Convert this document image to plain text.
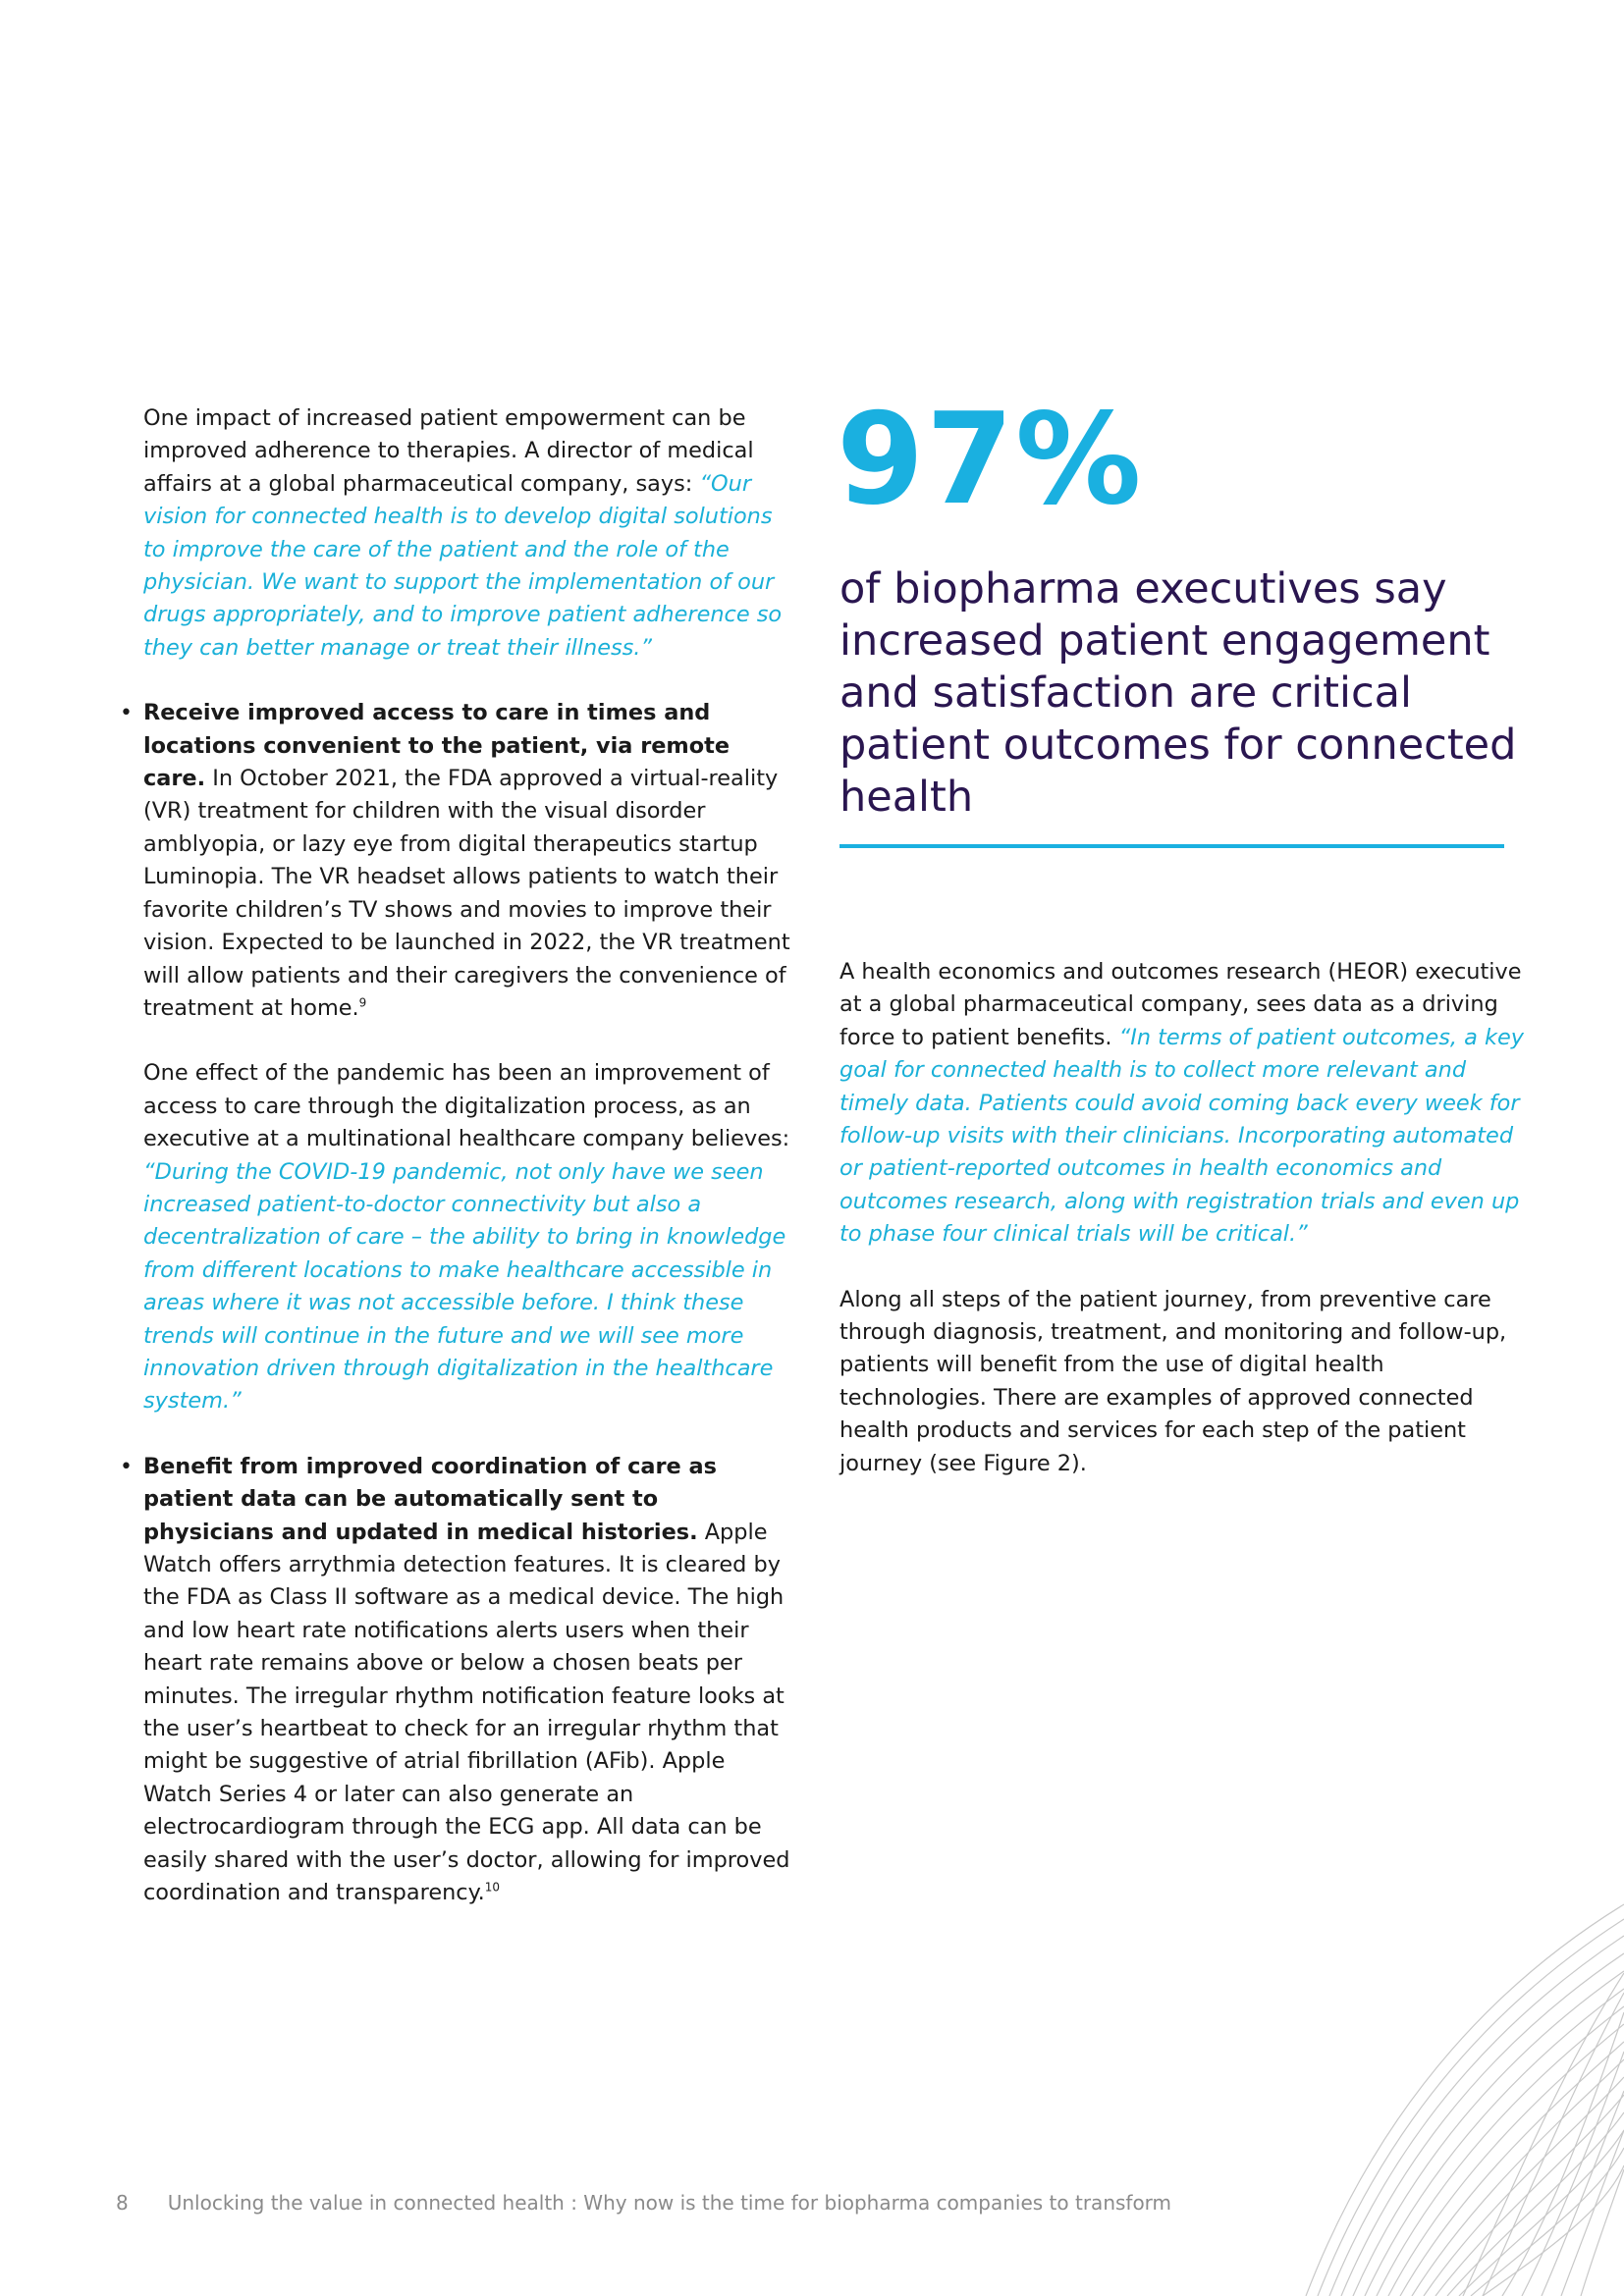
One impact of increased patient empowerment can be improved adherence to therapies. A director of medical affairs at a global pharmaceutical company, says: “Our vision for connected health is to develop digital solutions to improve the care of the patient and the role of the physician. We want to support the implementation of our drugs appropriately, and to improve patient adherence so they can better manage or treat their illness.”

• Receive improved access to care in times and locations convenient to the patient, via remote care. In October 2021, the FDA approved a virtual-reality (VR) treatment for children with the visual disorder amblyopia, or lazy eye from digital therapeutics startup Luminopia. The VR headset allows patients to watch their favorite children’s TV shows and movies to improve their vision. Expected to be launched in 2022, the VR treatment will allow patients and their caregivers the convenience of treatment at home.$^9$

One effect of the pandemic has been an improvement of access to care through the digitalization process, as an executive at a multinational healthcare company believes: “During the COVID-19 pandemic, not only have we seen increased patient-to-doctor connectivity but also a decentralization of care – the ability to bring in knowledge from different locations to make healthcare accessible in areas where it was not accessible before. I think these trends will continue in the future and we will see more innovation driven through digitalization in the healthcare system.”

• Benefit from improved coordination of care as patient data can be automatically sent to physicians and updated in medical histories. Apple Watch offers arrythmia detection features. It is cleared by the FDA as Class II software as a medical device. The high and low heart rate notifications alerts users when their heart rate remains above or below a chosen beats per minutes. The irregular rhythm notification feature looks at the user’s heartbeat to check for an irregular rhythm that might be suggestive of atrial fibrillation (AFib). Apple Watch Series 4 or later can also generate an electrocardiogram through the ECG app. All data can be easily shared with the user’s doctor, allowing for improved coordination and transparency.$^{10}$
97%
of biopharma executives say increased patient engagement and satisfaction are critical patient outcomes for connected health

A health economics and outcomes research (HEOR) executive at a global pharmaceutical company, sees data as a driving force to patient benefits. “In terms of patient outcomes, a key goal for connected health is to collect more relevant and timely data. Patients could avoid coming back every week for follow-up visits with their clinicians. Incorporating automated or patient-reported outcomes in health economics and outcomes research, along with registration trials and even up to phase four clinical trials will be critical.”

Along all steps of the patient journey, from preventive care through diagnosis, treatment, and monitoring and follow-up, patients will benefit from the use of digital health technologies. There are examples of approved connected health products and services for each step of the patient journey (see Figure 2).

8 Unlocking the value in connected health : Why now is the time for biopharma companies to transform
